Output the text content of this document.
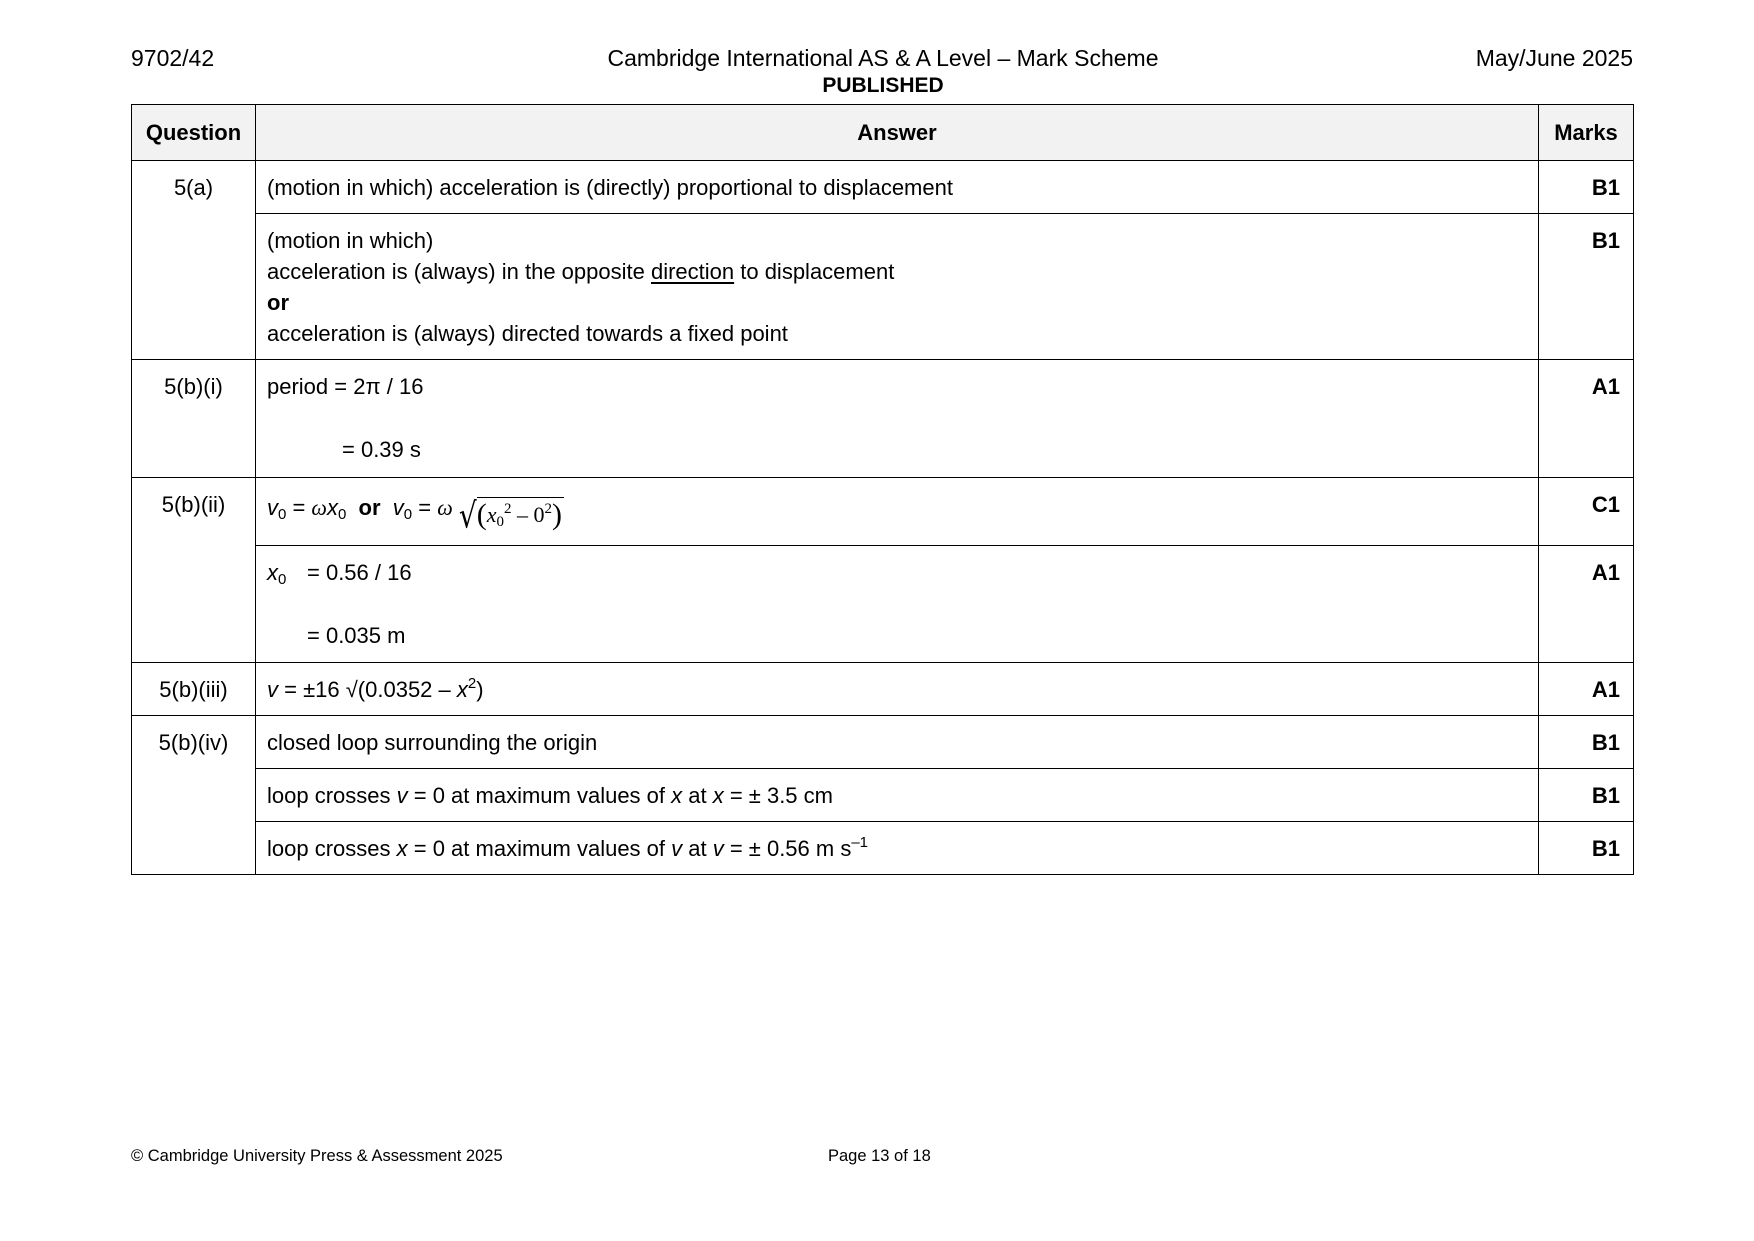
9702/42	Cambridge International AS & A Level – Mark Scheme
PUBLISHED
May/June 2025
Question	Answer	Marks
5(a)	(motion in which) acceleration is (directly) proportional to displacement	B1

	(motion in which)
acceleration is (always) in the opposite direction to displacement
or
acceleration is (always) directed towards a fixed point	B1
5(b)(i)	period = 2π / 16
= 0.39 s	A1
5(b)(ii)	$v_0 = \omega x_0$ or $v_0 = \omega$ √ $(x_0^2 - 0^2)$	C1

	$x_0 = 0.56 / 16$
= 0.035 m	A1
5(b)(iii)	v = ±16 $√(0.0352 - x^2)$	A1
5(b)(iv)	closed loop surrounding the origin	B1
	loop crosses v = 0 at maximum values of x at x = ± 3.5 cm	B1
	loop crosses x = 0 at maximum values of v at v = ± 0.56 m $s^{-1}$	B1
© Cambridge University Press & Assessment 2025	Page 13 of 18
